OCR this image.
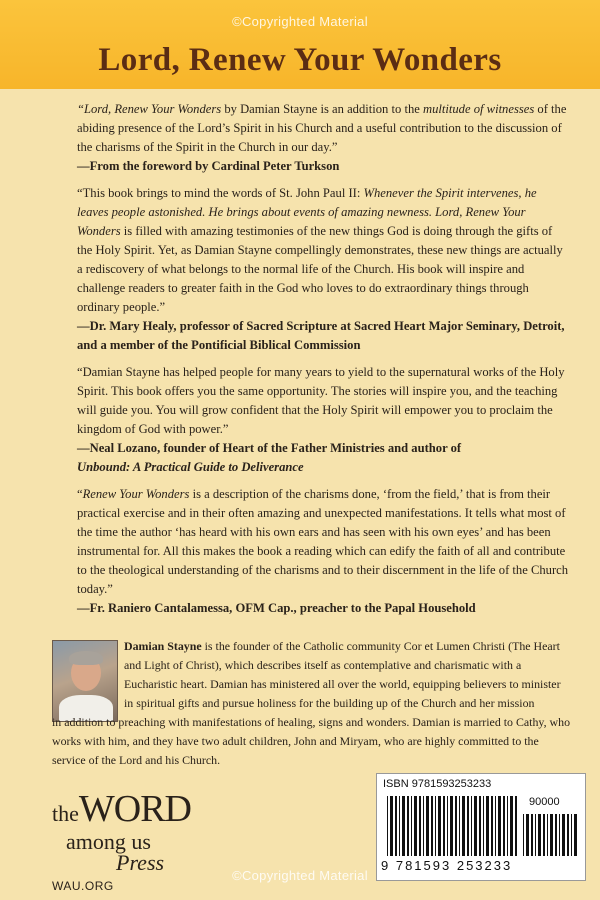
©Copyrighted Material
Lord, Renew Your Wonders

“Lord, Renew Your Wonders by Damian Stayne is an addition to the multitude of witnesses of the abiding presence of the Lord’s Spirit in his Church and a useful contribution to the discussion of the charisms of the Spirit in the Church in our day.”

—From the foreword by Cardinal Peter Turkson

“This book brings to mind the words of St. John Paul II: Whenever the Spirit intervenes, he leaves people astonished. He brings about events of amazing newness. Lord, Renew Your Wonders is filled with amazing testimonies of the new things God is doing through the gifts of the Holy Spirit. Yet, as Damian Stayne compellingly demonstrates, these new things are actually a rediscovery of what belongs to the normal life of the Church. His book will inspire and challenge readers to greater faith in the God who loves to do extraordinary things through ordinary people.”

—Dr. Mary Healy, professor of Sacred Scripture at Sacred Heart Major Seminary, Detroit, and a member of the Pontificial Biblical Commission

“Damian Stayne has helped people for many years to yield to the supernatural works of the Holy Spirit. This book offers you the same opportunity. The stories will inspire you, and the teaching will guide you. You will grow confident that the Holy Spirit will empower you to proclaim the kingdom of God with power.”

—Neal Lozano, founder of Heart of the Father Ministries and author of

Unbound: A Practical Guide to Deliverance

“Renew Your Wonders is a description of the charisms done, ‘from the field,’ that is from their practical exercise and in their often amazing and unexpected manifestations. It tells what most of the time the author ‘has heard with his own ears and has seen with his own eyes’ and has been instrumental for. All this makes the book a reading which can edify the faith of all and contribute to the theological understanding of the charisms and to their discernment in the life of the Church today.”

—Fr. Raniero Cantalamessa, OFM Cap., preacher to the Papal Household

Damian Stayne is the founder of the Catholic community Cor et Lumen Christi (The Heart and Light of Christ), which describes itself as contemplative and charismatic with a Eucharistic heart. Damian has ministered all over the world, equipping believers to minister in spiritual gifts and pursue holiness for the building up of the Church and her mission
in addition to preaching with manifestations of healing, signs and wonders. Damian is married to Cathy, who works with him, and they have two adult children, John and Miryam, who are highly committed to the service of the Lord and his Church.
theWORD
among us
Press
WAU.ORG
ISBN 9781593253233
90000
9 781593 253233
©Copyrighted Material
